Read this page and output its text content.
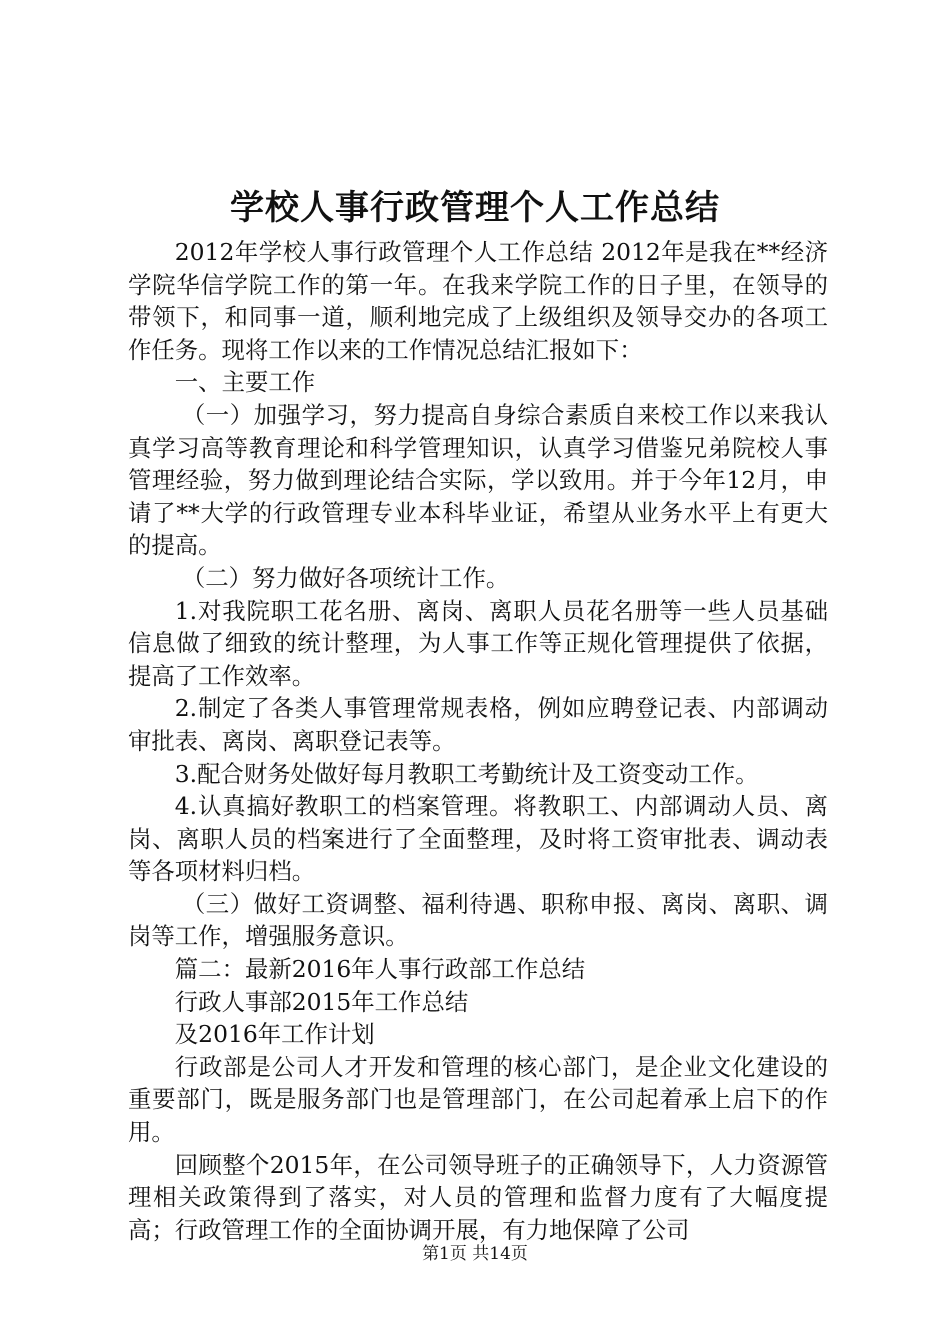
学校人事行政管理个人工作总结

2012年学校人事行政管理个人工作总结 2012年是我在**经济学院华信学院工作的第一年。在我来学院工作的日子里，在领导的带领下，和同事一道，顺利地完成了上级组织及领导交办的各项工作任务。现将工作以来的工作情况总结汇报如下：

一、主要工作

（一）加强学习，努力提高自身综合素质自来校工作以来我认真学习高等教育理论和科学管理知识，认真学习借鉴兄弟院校人事管理经验，努力做到理论结合实际，学以致用。并于今年12月，申请了**大学的行政管理专业本科毕业证，希望从业务水平上有更大的提高。

（二）努力做好各项统计工作。

1.对我院职工花名册、离岗、离职人员花名册等一些人员基础信息做了细致的统计整理，为人事工作等正规化管理提供了依据，提高了工作效率。

2.制定了各类人事管理常规表格，例如应聘登记表、内部调动审批表、离岗、离职登记表等。

3.配合财务处做好每月教职工考勤统计及工资变动工作。

4.认真搞好教职工的档案管理。将教职工、内部调动人员、离岗、离职人员的档案进行了全面整理，及时将工资审批表、调动表等各项材料归档。

（三）做好工资调整、福利待遇、职称申报、离岗、离职、调岗等工作，增强服务意识。

篇二：最新2016年人事行政部工作总结

行政人事部2015年工作总结

及2016年工作计划

行政部是公司人才开发和管理的核心部门，是企业文化建设的重要部门，既是服务部门也是管理部门，在公司起着承上启下的作用。

回顾整个2015年，在公司领导班子的正确领导下，人力资源管理相关政策得到了落实，对人员的管理和监督力度有了大幅度提高；行政管理工作的全面协调开展，有力地保障了公司

第1页 共14页
